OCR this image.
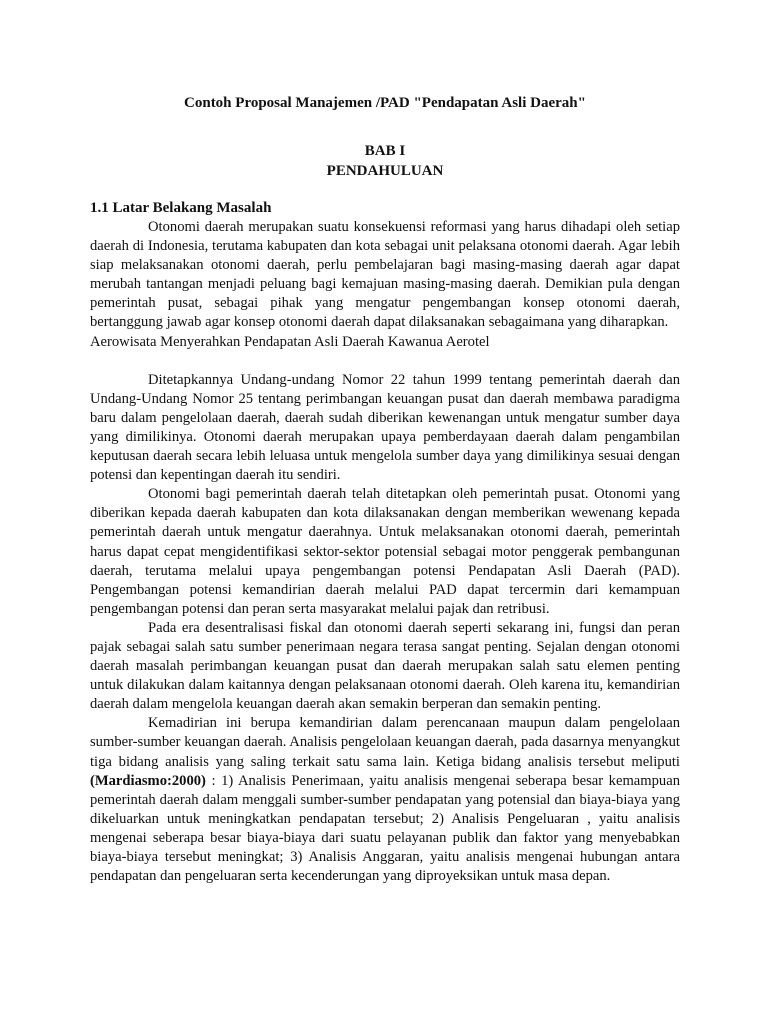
Contoh Proposal Manajemen /PAD "Pendapatan Asli Daerah"
BAB I
PENDAHULUAN
1.1 Latar Belakang Masalah

Otonomi daerah merupakan suatu konsekuensi reformasi yang harus dihadapi oleh setiap daerah di Indonesia, terutama kabupaten dan kota sebagai unit pelaksana otonomi daerah. Agar lebih siap melaksanakan otonomi daerah, perlu pembelajaran bagi masing-masing daerah agar dapat merubah tantangan menjadi peluang bagi kemajuan masing-masing daerah. Demikian pula dengan pemerintah pusat, sebagai pihak yang mengatur pengembangan konsep otonomi daerah, bertanggung jawab agar konsep otonomi daerah dapat dilaksanakan sebagaimana yang diharapkan.

Aerowisata Menyerahkan Pendapatan Asli Daerah Kawanua Aerotel

Ditetapkannya Undang-undang Nomor 22 tahun 1999 tentang pemerintah daerah dan Undang-Undang Nomor 25 tentang perimbangan keuangan pusat dan daerah membawa paradigma baru dalam pengelolaan daerah, daerah sudah diberikan kewenangan untuk mengatur sumber daya yang dimilikinya. Otonomi daerah merupakan upaya pemberdayaan daerah dalam pengambilan keputusan daerah secara lebih leluasa untuk mengelola sumber daya yang dimilikinya sesuai dengan potensi dan kepentingan daerah itu sendiri.

Otonomi bagi pemerintah daerah telah ditetapkan oleh pemerintah pusat. Otonomi yang diberikan kepada daerah kabupaten dan kota dilaksanakan dengan memberikan wewenang kepada pemerintah daerah untuk mengatur daerahnya. Untuk melaksanakan otonomi daerah, pemerintah harus dapat cepat mengidentifikasi sektor-sektor potensial sebagai motor penggerak pembangunan daerah, terutama melalui upaya pengembangan potensi Pendapatan Asli Daerah (PAD). Pengembangan potensi kemandirian daerah melalui PAD dapat tercermin dari kemampuan pengembangan potensi dan peran serta masyarakat melalui pajak dan retribusi.

Pada era desentralisasi fiskal dan otonomi daerah seperti sekarang ini, fungsi dan peran pajak sebagai salah satu sumber penerimaan negara terasa sangat penting. Sejalan dengan otonomi daerah masalah perimbangan keuangan pusat dan daerah merupakan salah satu elemen penting untuk dilakukan dalam kaitannya dengan pelaksanaan otonomi daerah. Oleh karena itu, kemandirian daerah dalam mengelola keuangan daerah akan semakin berperan dan semakin penting.

Kemadirian ini berupa kemandirian dalam perencanaan maupun dalam pengelolaan sumber-sumber keuangan daerah. Analisis pengelolaan keuangan daerah, pada dasarnya menyangkut tiga bidang analisis yang saling terkait satu sama lain. Ketiga bidang analisis tersebut meliputi (Mardiasmo:2000) : 1) Analisis Penerimaan, yaitu analisis mengenai seberapa besar kemampuan pemerintah daerah dalam menggali sumber-sumber pendapatan yang potensial dan biaya-biaya yang dikeluarkan untuk meningkatkan pendapatan tersebut; 2) Analisis Pengeluaran , yaitu analisis mengenai seberapa besar biaya-biaya dari suatu pelayanan publik dan faktor yang menyebabkan biaya-biaya tersebut meningkat; 3) Analisis Anggaran, yaitu analisis mengenai hubungan antara pendapatan dan pengeluaran serta kecenderungan yang diproyeksikan untuk masa depan.
